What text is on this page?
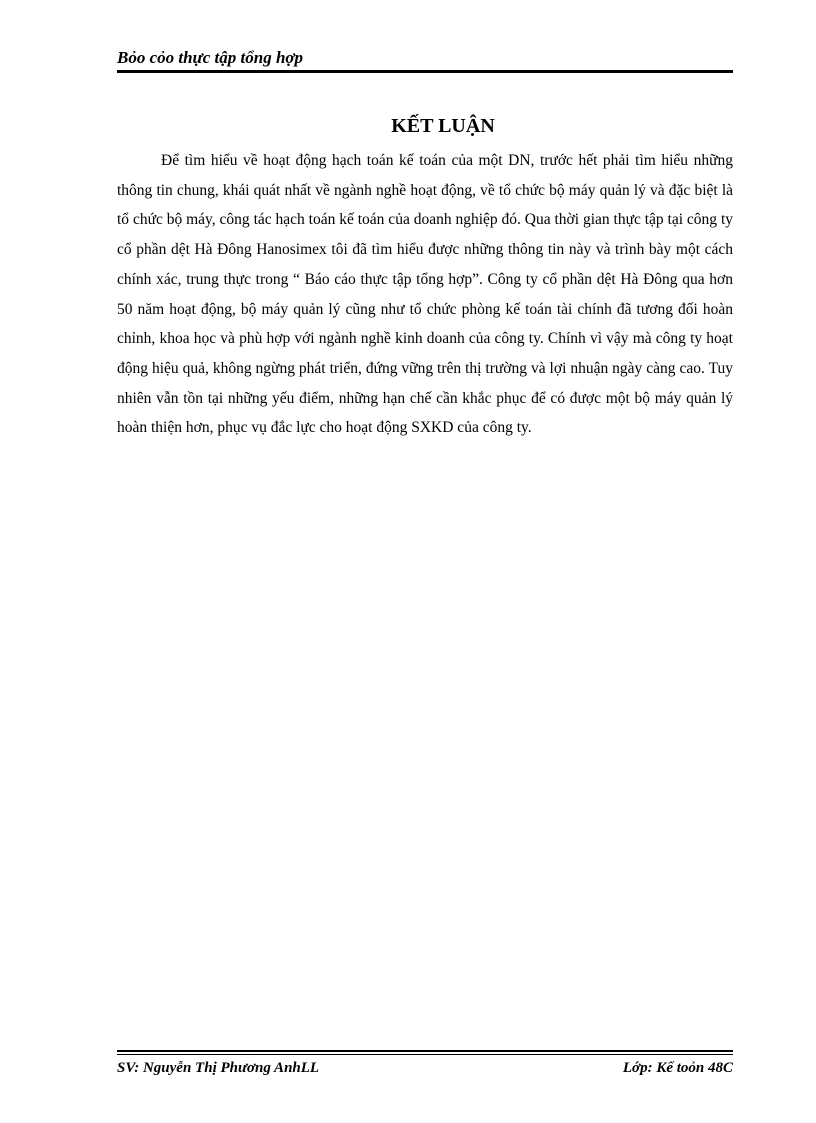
Bỏo cỏo thực tập tổng hợp
KẾT LUẬN

Để tìm hiểu về hoạt động hạch toán kế toán của một DN, trước hết phải tìm hiểu những thông tin chung, khái quát nhất về ngành nghề hoạt động, về tổ chức bộ máy quản lý và đặc biệt là tổ chức bộ máy, công tác hạch toán kế toán của doanh nghiệp đó. Qua thời gian thực tập tại công ty cổ phần dệt Hà Đông Hanosimex tôi đã tìm hiểu được những thông tin này và trình bày một cách chính xác, trung thực trong “ Báo cáo thực tập tổng hợp”. Công ty cổ phần dệt Hà Đông qua hơn 50 năm hoạt động, bộ máy quản lý cũng như tổ chức phòng kế toán tài chính đã tương đối hoàn chỉnh, khoa học và phù hợp với ngành nghề kinh doanh của công ty. Chính vì vậy mà công ty hoạt động hiệu quả, không ngừng phát triển, đứng vững trên thị trường và lợi nhuận ngày càng cao. Tuy nhiên vẫn tồn tại những yếu điểm, những hạn chế cần khắc phục để có được một bộ máy quản lý hoàn thiện hơn, phục vụ đắc lực cho hoạt động SXKD của công ty.

SV: Nguyễn Thị Phương AnhLL	Lớp: Kế toỏn 48C
